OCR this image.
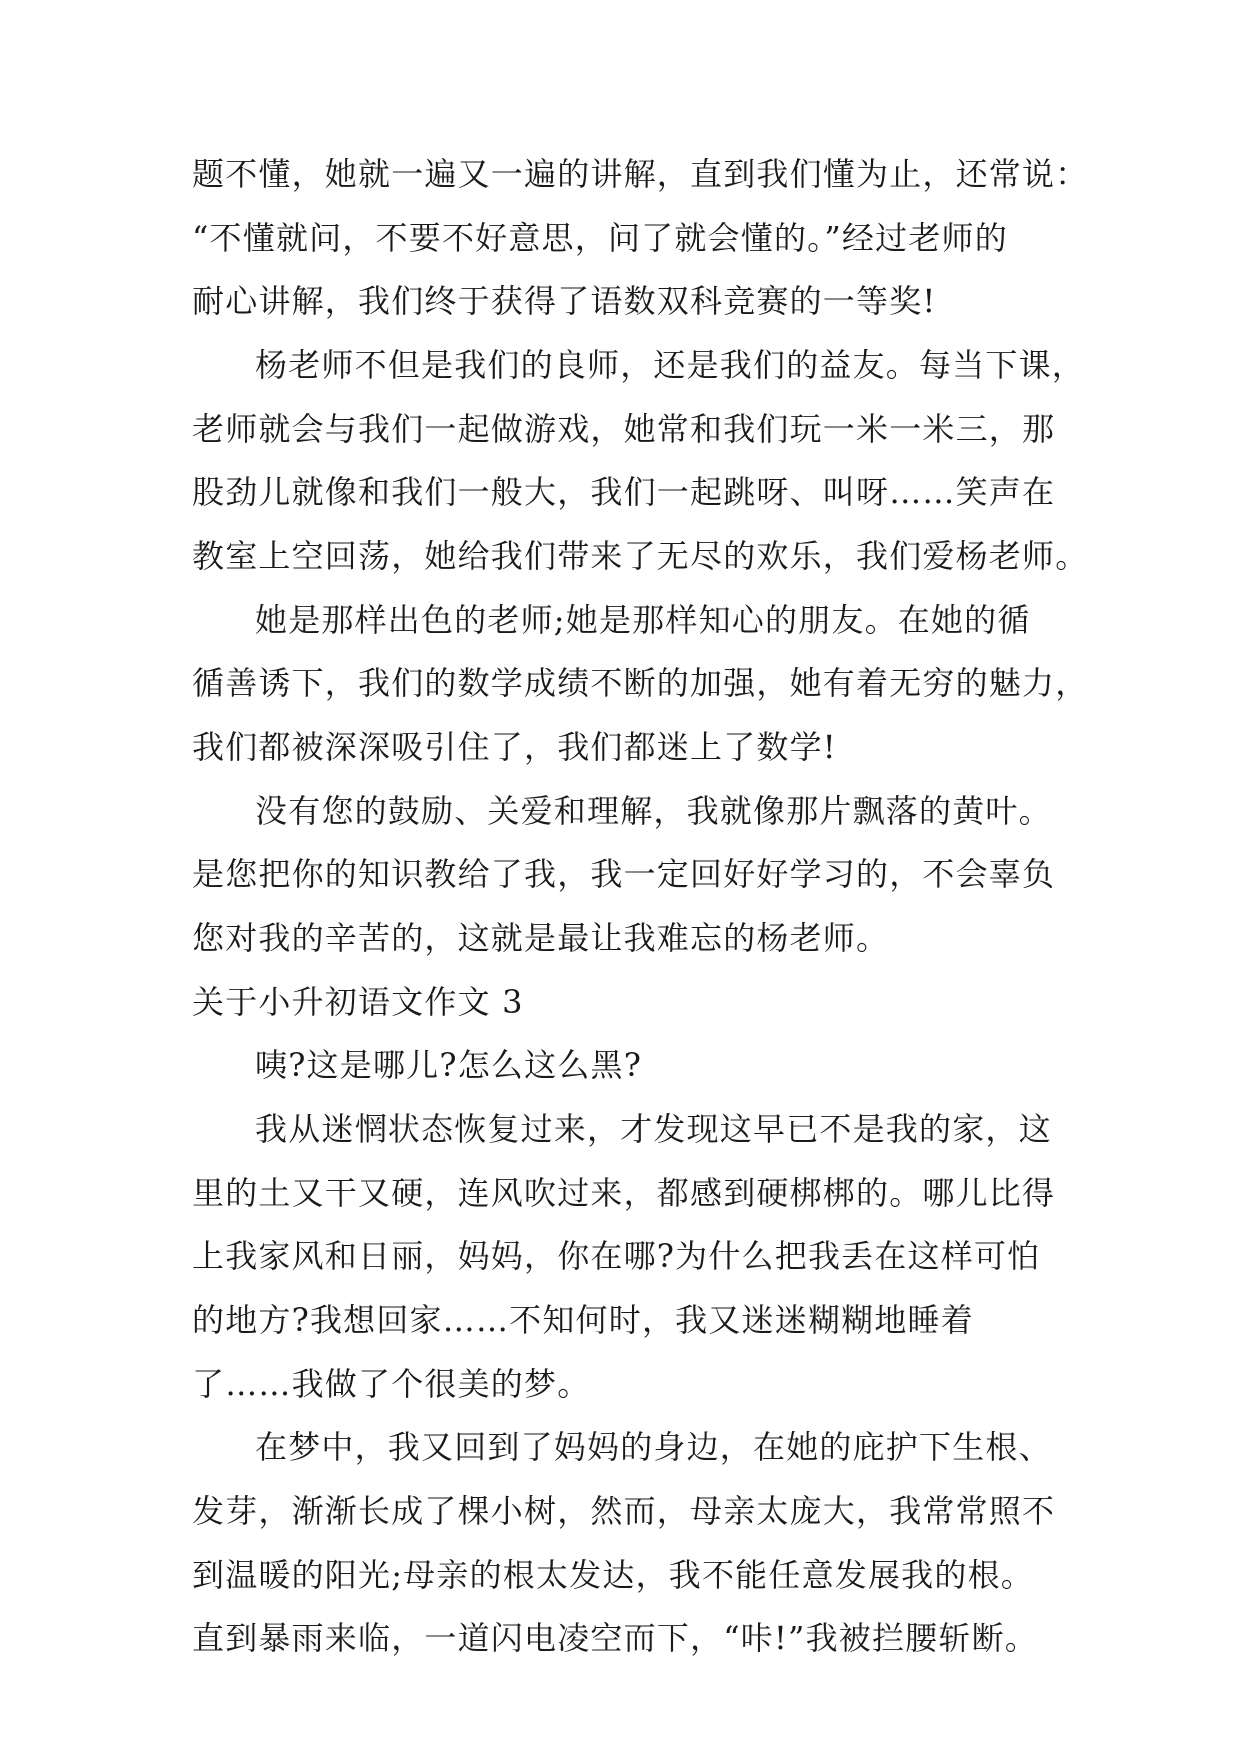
题不懂，她就一遍又一遍的讲解，直到我们懂为止，还常说：
“不懂就问，不要不好意思，问了就会懂的。”经过老师的
耐心讲解，我们终于获得了语数双科竞赛的一等奖!
杨老师不但是我们的良师，还是我们的益友。每当下课，
老师就会与我们一起做游戏，她常和我们玩一米一米三，那
股劲儿就像和我们一般大，我们一起跳呀、叫呀……笑声在
教室上空回荡，她给我们带来了无尽的欢乐，我们爱杨老师。
她是那样出色的老师;她是那样知心的朋友。在她的循
循善诱下，我们的数学成绩不断的加强，她有着无穷的魅力，
我们都被深深吸引住了，我们都迷上了数学!
没有您的鼓励、关爱和理解，我就像那片飘落的黄叶。
是您把你的知识教给了我，我一定回好好学习的，不会辜负
您对我的辛苦的，这就是最让我难忘的杨老师。
关于小升初语文作文 3
咦?这是哪儿?怎么这么黑?
我从迷惘状态恢复过来，才发现这早已不是我的家，这
里的土又干又硬，连风吹过来，都感到硬梆梆的。哪儿比得
上我家风和日丽，妈妈，你在哪?为什么把我丢在这样可怕
的地方?我想回家……不知何时，我又迷迷糊糊地睡着
了……我做了个很美的梦。
在梦中，我又回到了妈妈的身边，在她的庇护下生根、
发芽，渐渐长成了棵小树，然而，母亲太庞大，我常常照不
到温暖的阳光;母亲的根太发达，我不能任意发展我的根。
直到暴雨来临，一道闪电凌空而下，“咔!”我被拦腰斩断。
